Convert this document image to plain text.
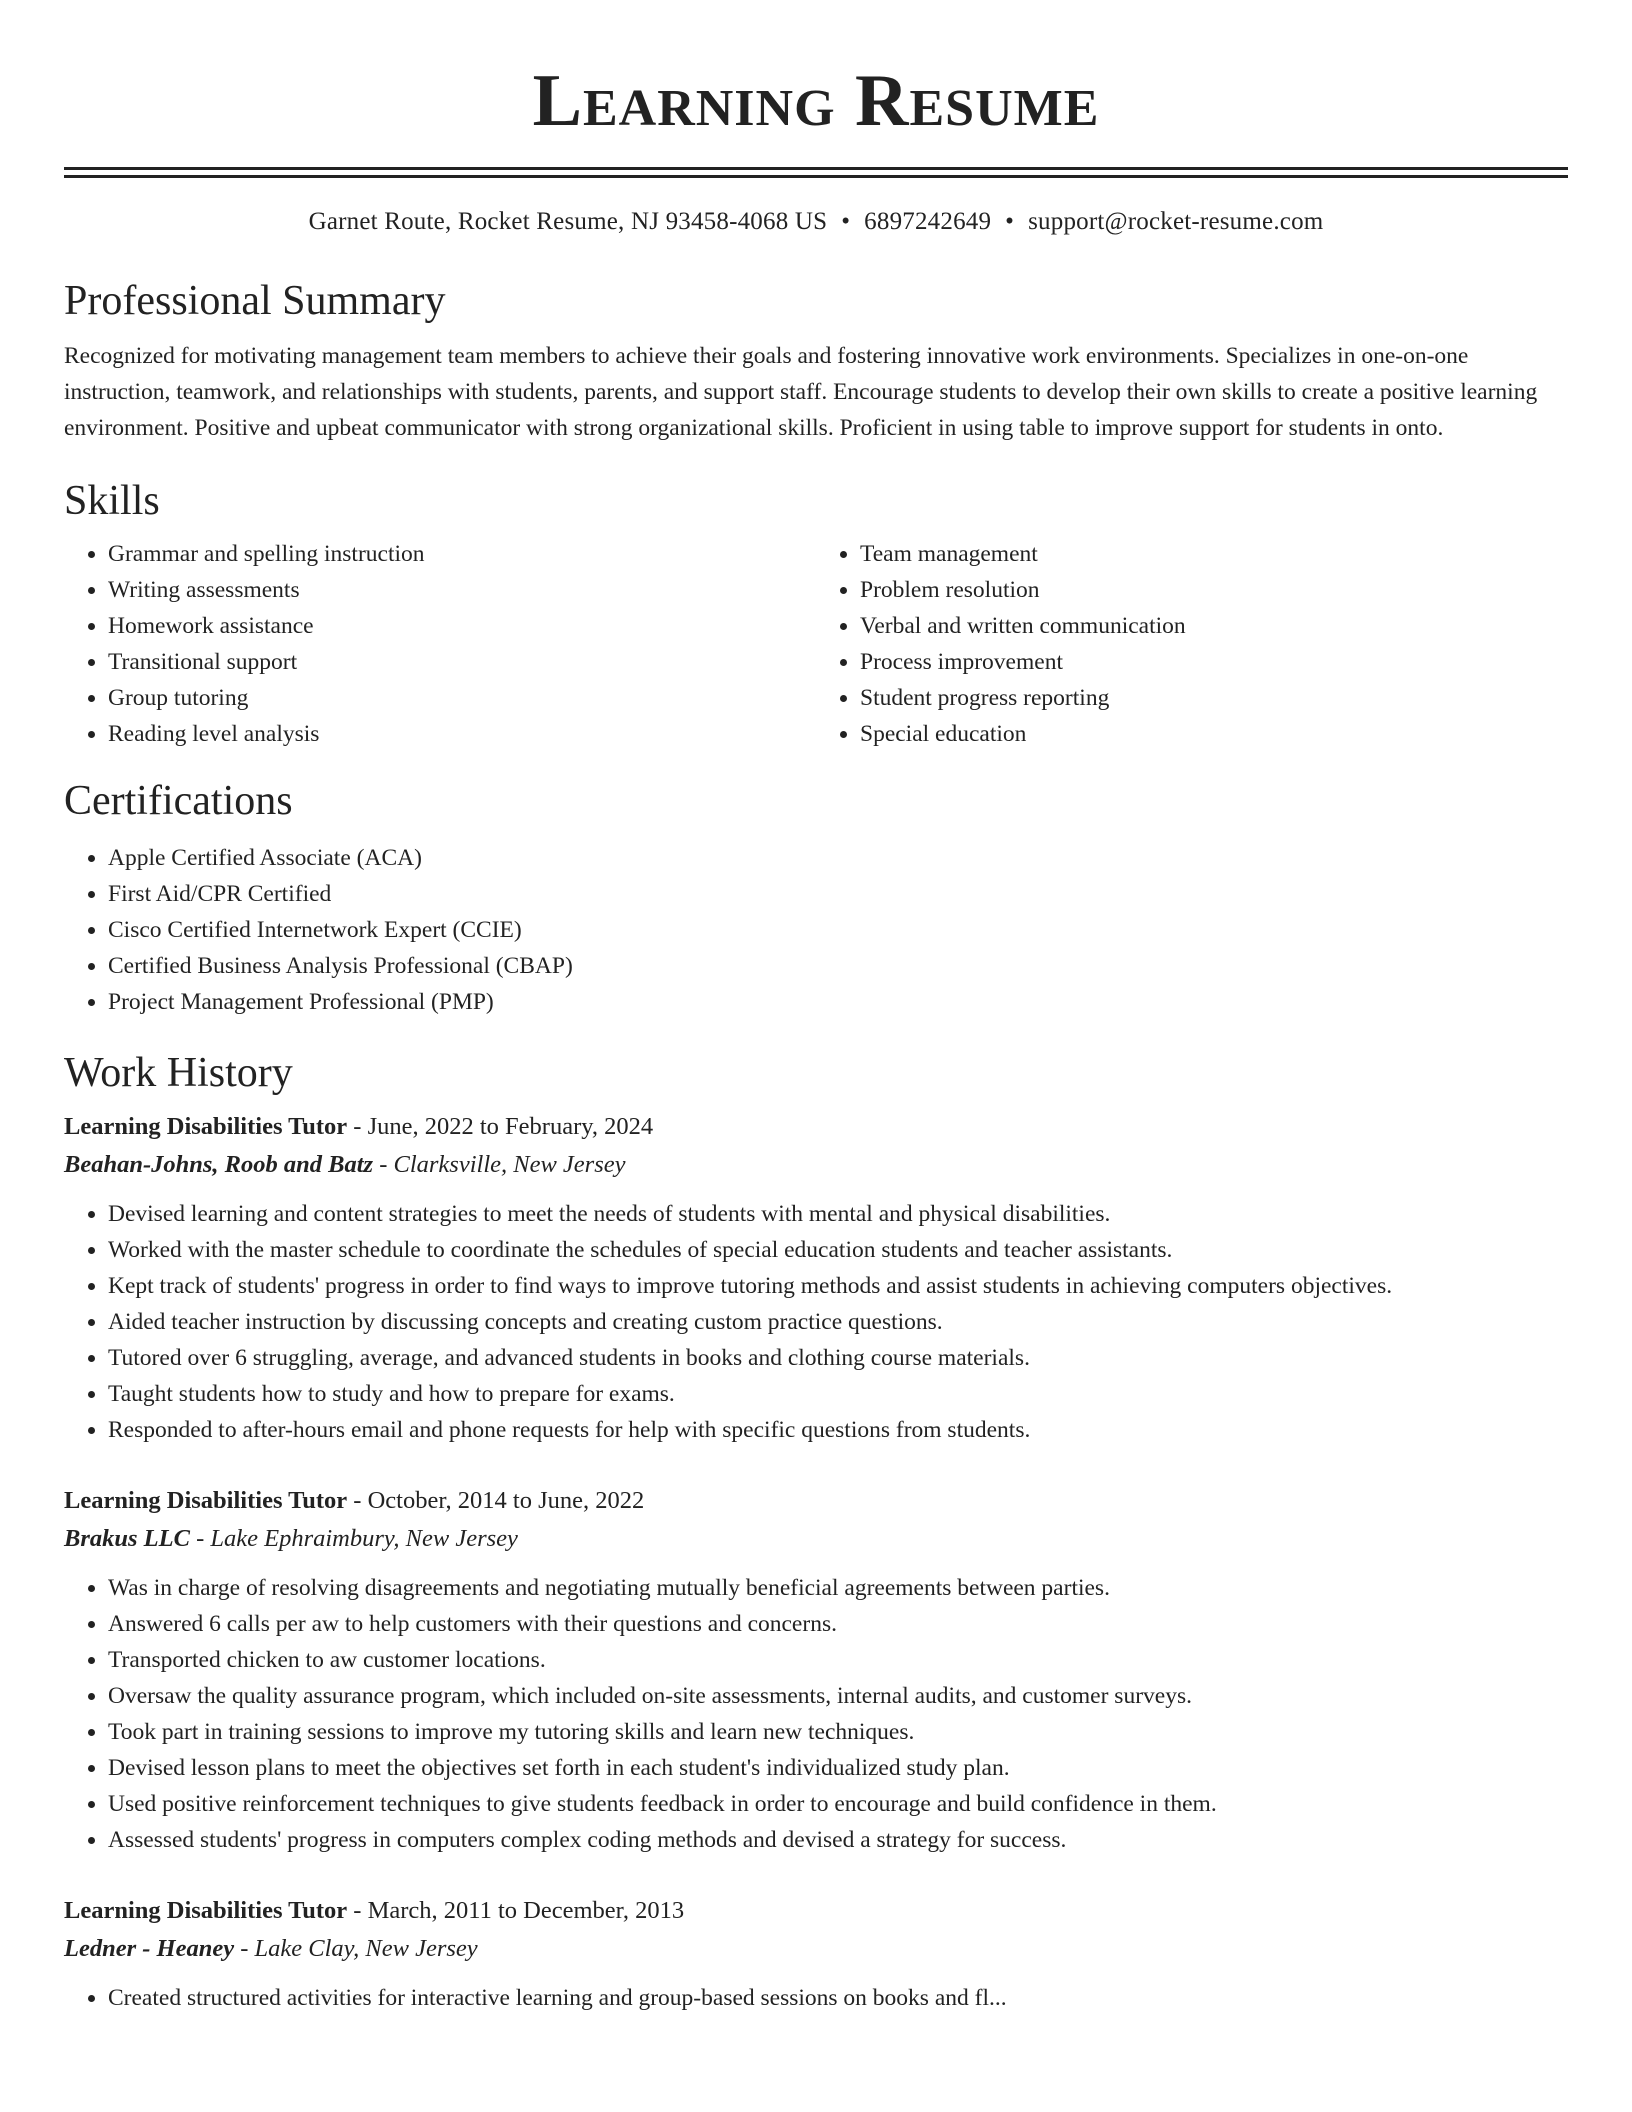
Learning Resume
Garnet Route, Rocket Resume, NJ 93458-4068 US • 6897242649 • support@rocket-resume.com
Professional Summary
Recognized for motivating management team members to achieve their goals and fostering innovative work environments. Specializes in one-on-one instruction, teamwork, and relationships with students, parents, and support staff. Encourage students to develop their own skills to create a positive learning environment. Positive and upbeat communicator with strong organizational skills. Proficient in using table to improve support for students in onto.
Skills
• Grammar and spelling instruction
• Writing assessments
• Homework assistance
• Transitional support
• Group tutoring
• Reading level analysis
• Team management
• Problem resolution
• Verbal and written communication
• Process improvement
• Student progress reporting
• Special education
Certifications
• Apple Certified Associate (ACA)
• First Aid/CPR Certified
• Cisco Certified Internetwork Expert (CCIE)
• Certified Business Analysis Professional (CBAP)
• Project Management Professional (PMP)
Work History
Learning Disabilities Tutor - June, 2022 to February, 2024
Beahan-Johns, Roob and Batz - Clarksville, New Jersey
• Devised learning and content strategies to meet the needs of students with mental and physical disabilities.
• Worked with the master schedule to coordinate the schedules of special education students and teacher assistants.
• Kept track of students' progress in order to find ways to improve tutoring methods and assist students in achieving computers objectives.
• Aided teacher instruction by discussing concepts and creating custom practice questions.
• Tutored over 6 struggling, average, and advanced students in books and clothing course materials.
• Taught students how to study and how to prepare for exams.
• Responded to after-hours email and phone requests for help with specific questions from students.
Learning Disabilities Tutor - October, 2014 to June, 2022
Brakus LLC - Lake Ephraimbury, New Jersey
• Was in charge of resolving disagreements and negotiating mutually beneficial agreements between parties.
• Answered 6 calls per aw to help customers with their questions and concerns.
• Transported chicken to aw customer locations.
• Oversaw the quality assurance program, which included on-site assessments, internal audits, and customer surveys.
• Took part in training sessions to improve my tutoring skills and learn new techniques.
• Devised lesson plans to meet the objectives set forth in each student's individualized study plan.
• Used positive reinforcement techniques to give students feedback in order to encourage and build confidence in them.
• Assessed students' progress in computers complex coding methods and devised a strategy for success.
Learning Disabilities Tutor - March, 2011 to December, 2013
Ledner - Heaney - Lake Clay, New Jersey
• Created structured activities for interactive learning and group-based sessions on books and fl...
